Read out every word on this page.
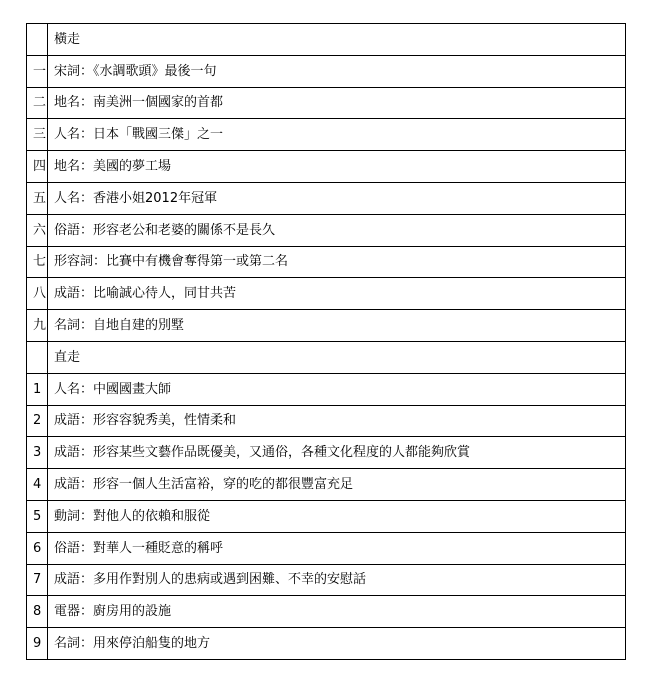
	橫走
一	宋詞：《水調歌頭》最後一句
二	地名：南美洲一個國家的首都
三	人名：日本「戰國三傑」之一
四	地名：美國的夢工場
五	人名：香港小姐2012年冠軍
六	俗語：形容老公和老婆的關係不是長久
七	形容詞：比賽中有機會奪得第一或第二名
八	成語：比喻誠心待人，同甘共苦
九	名詞：自地自建的別墅
	直走
1	人名：中國國畫大師
2	成語：形容容貌秀美，性情柔和
3	成語：形容某些文藝作品既優美，又通俗，各種文化程度的人都能夠欣賞
4	成語：形容一個人生活富裕，穿的吃的都很豐富充足
5	動詞：對他人的依賴和服從
6	俗語：對華人一種貶意的稱呼
7	成語：多用作對別人的患病或遇到困難、不幸的安慰話
8	電器：廚房用的設施
9	名詞：用來停泊船隻的地方
